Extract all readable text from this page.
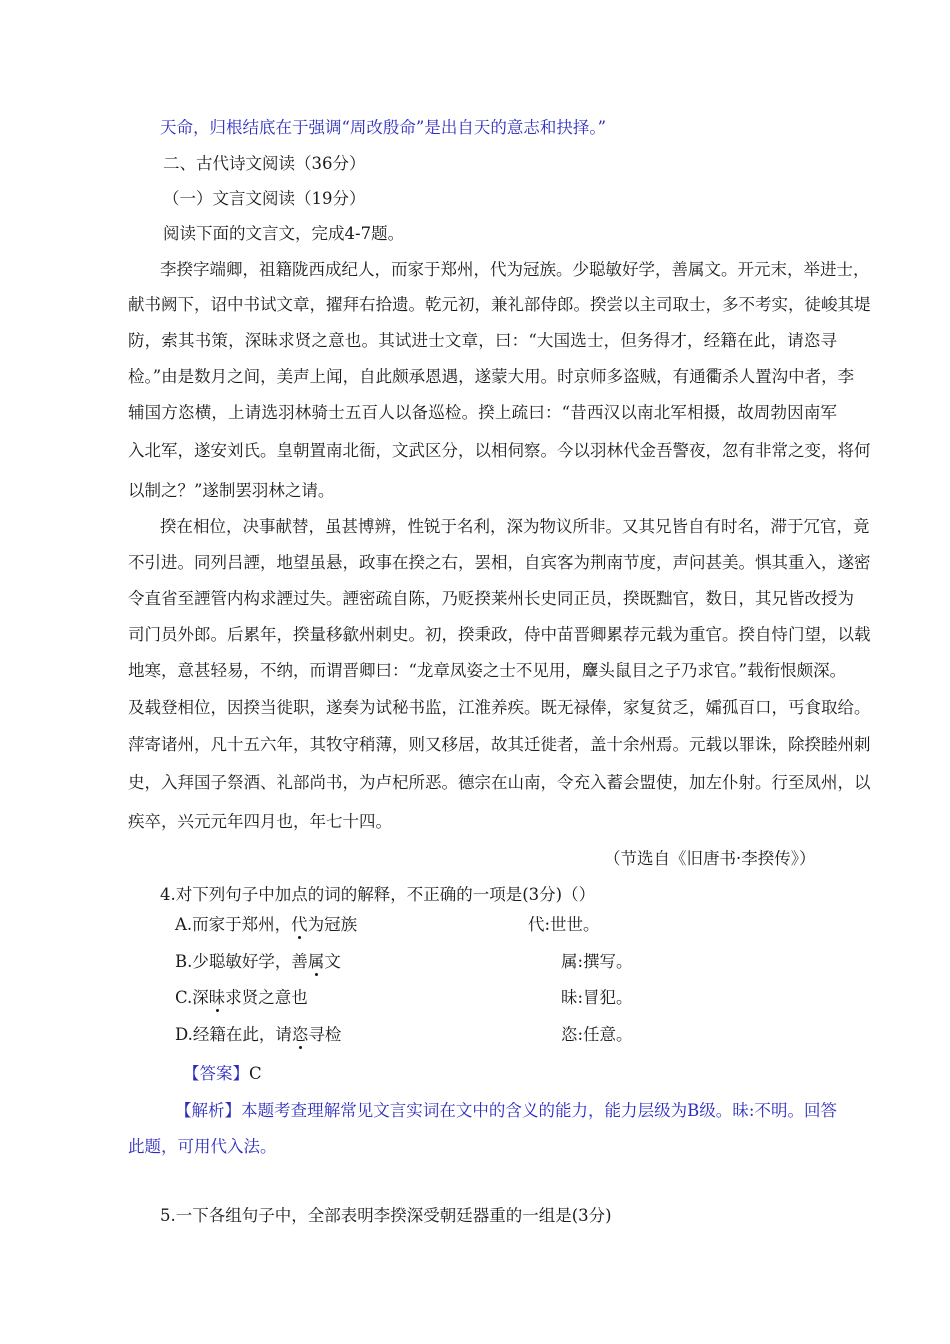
天命，归根结底在于强调“周改殷命”是出自天的意志和抉择。”
二、古代诗文阅读（36分）
（一）文言文阅读（19分）
阅读下面的文言文，完成4-7题。
李揆字端卿，祖籍陇西成纪人，而家于郑州，代为冠族。少聪敏好学，善属文。开元末，举进士，
献书阙下，诏中书试文章，擢拜右拾遗。乾元初，兼礼部侍郎。揆尝以主司取士，多不考实，徒峻其堤
防，索其书策，深昧求贤之意也。其试进士文章，曰：“大国选士，但务得才，经籍在此，请恣寻
检。”由是数月之间，美声上闻，自此颇承恩遇，遂蒙大用。时京师多盗贼，有通衢杀人置沟中者，李
辅国方恣横，上请选羽林骑士五百人以备巡检。揆上疏曰：“昔西汉以南北军相摄，故周勃因南军
入北军，遂安刘氏。皇朝置南北衙，文武区分，以相伺察。今以羽林代金吾警夜，忽有非常之变，将何
以制之？”遂制罢羽林之请。
揆在相位，决事献替，虽甚博辨，性锐于名利，深为物议所非。又其兄皆自有时名，滞于冗官，竟
不引进。同列吕諲，地望虽悬，政事在揆之右，罢相，自宾客为荆南节度，声问甚美。惧其重入，遂密
令直省至諲管内构求諲过失。諲密疏自陈，乃贬揆莱州长史同正员，揆既黜官，数日，其兄皆改授为
司门员外郎。后累年，揆量移歙州刺史。初，揆秉政，侍中苗晋卿累荐元载为重官。揆自恃门望，以载
地寒，意甚轻易，不纳，而谓晋卿曰：“龙章凤姿之士不见用，麞头鼠目之子乃求官。”载衔恨颇深。
及载登相位，因揆当徙职，遂奏为试秘书监，江淮养疾。既无禄俸，家复贫乏，孀孤百口，丐食取给。
萍寄诸州，凡十五六年，其牧守稍薄，则又移居，故其迁徙者，盖十余州焉。元载以罪诛，除揆睦州刺
史，入拜国子祭酒、礼部尚书，为卢杞所恶。德宗在山南，令充入蓄会盟使，加左仆射。行至凤州，以
疾卒，兴元元年四月也，年七十四。
（节选自《旧唐书·李揆传》）
4.对下列句子中加点的词的解释，不正确的一项是(3分)（）
A.而家于郑州，代为冠族	代:世世。
B.少聪敏好学，善属文	属:撰写。
C.深昧求贤之意也	昧:冒犯。
D.经籍在此，请恣寻检	恣:任意。
【答案】C
【解析】本题考查理解常见文言实词在文中的含义的能力，能力层级为B级。昧:不明。回答
此题，可用代入法。
5.一下各组句子中，全部表明李揆深受朝廷器重的一组是(3分)
